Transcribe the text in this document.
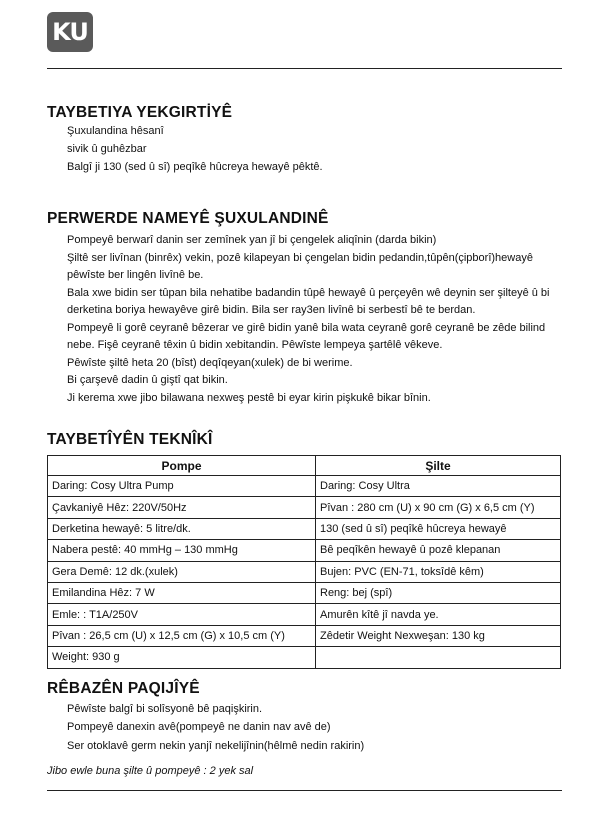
KU
TAYBETIYA YEKGIRTİYÊ
Şuxulandina hêsanî
sivik û guhêzbar
Balgî ji 130 (sed û sî) peqîkê hûcreya hewayê pêktê.
PERWERDE NAMEYÊ ŞUXULANDINÊ
Pompeyê berwarî danin ser zemînek yan jî bi çengelek aliqînin (darda bikin)
Şiltê ser livînan (binrêx) vekin, pozê kilapeyan bi çengelan bidin pedandin,tûpên(çipborî)hewayê pêwîste ber lingên livînê be.
Bala xwe bidin ser tûpan bila nehatibe badandin tûpê hewayê û perçeyên wê deynin ser şilteyê û bi derketina boriya hewayêve girê bidin. Bila ser ray3en livînê bi serbestî bê te berdan.
Pompeyê li gorê ceyranê bêzerar ve girê bidin yanê bila wata ceyranê gorê ceyranê be zêde bilind nebe. Fişê ceyranê têxin û bidin xebitandin. Pêwîste lempeya şartêlê vêkeve.
Pêwîste şiltê heta 20 (bîst) deqîqeyan(xulek) de bi werime.
Bi çarşevê dadin û giştî qat bikin.
Ji kerema xwe jibo bilawana nexweş pestê bi eyar kirin pişkukê bikar bînin.
TAYBETÎYÊN TEKNÎKÎ
Pompe	Şilte
Daring: Cosy Ultra Pump	Daring: Cosy Ultra
Çavkaniyê Hêz: 220V/50Hz	Pîvan : 280 cm (U) x 90 cm (G) x 6,5 cm (Y)
Derketina hewayê: 5 litre/dk.	130 (sed û sî) peqîkê hûcreya hewayê
Nabera pestê: 40 mmHg – 130 mmHg	Bê peqîkên hewayê û pozê klepanan
Gera Demê: 12 dk.(xulek)	Bujen: PVC (EN-71, toksîdê kêm)
Emilandina Hêz: 7 W	Reng: bej (spî)
Emle: : T1A/250V	Amurên kîtê jî navda ye.
Pîvan : 26,5 cm (U) x 12,5 cm (G) x 10,5 cm (Y)	Zêdetir Weight Nexweşan: 130 kg
Weight: 930 g	
RÊBAZÊN PAQIJÎYÊ
Pêwîste balgî bi solîsyonê bê paqişkirin.
Pompeyê danexin avê(pompeyê ne danin nav avê de)
Ser otoklavê germ nekin yanjî nekelijînin(hêlmê nedin rakirin)
Jibo ewle buna şilte û pompeyê : 2 yek sal
